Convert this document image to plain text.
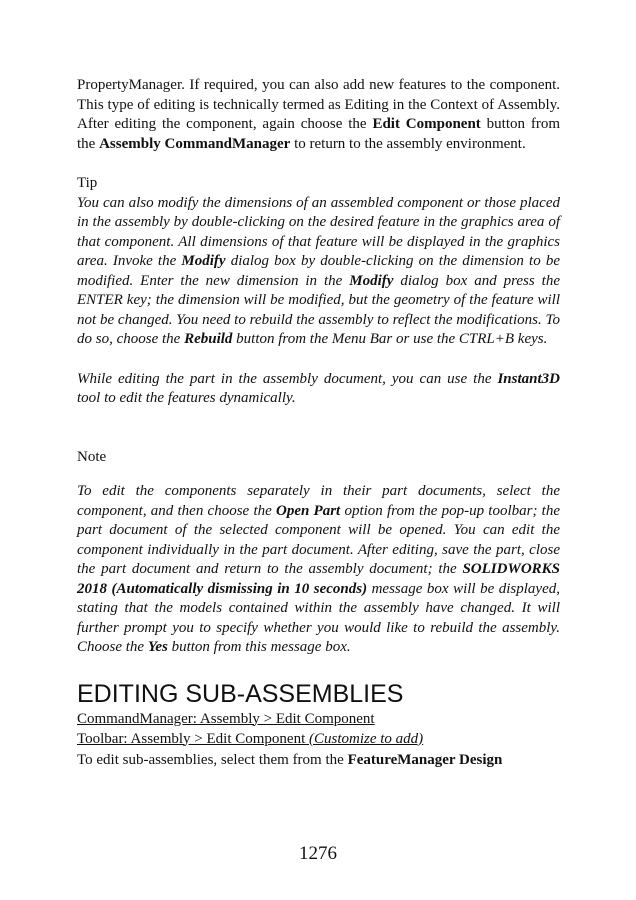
PropertyManager. If required, you can also add new features to the component. This type of editing is technically termed as Editing in the Context of Assembly. After editing the component, again choose the Edit Component button from the Assembly CommandManager to return to the assembly environment.

Tip

You can also modify the dimensions of an assembled component or those placed in the assembly by double-clicking on the desired feature in the graphics area of that component. All dimensions of that feature will be displayed in the graphics area. Invoke the Modify dialog box by double-clicking on the dimension to be modified. Enter the new dimension in the Modify dialog box and press the ENTER key; the dimension will be modified, but the geometry of the feature will not be changed. You need to rebuild the assembly to reflect the modifications. To do so, choose the Rebuild button from the Menu Bar or use the CTRL+B keys.

While editing the part in the assembly document, you can use the Instant3D tool to edit the features dynamically.

Note

To edit the components separately in their part documents, select the component, and then choose the Open Part option from the pop-up toolbar; the part document of the selected component will be opened. You can edit the component individually in the part document. After editing, save the part, close the part document and return to the assembly document; the SOLIDWORKS 2018 (Automatically dismissing in 10 seconds) message box will be displayed, stating that the models contained within the assembly have changed. It will further prompt you to specify whether you would like to rebuild the assembly. Choose the Yes button from this message box.

EDITING SUB-ASSEMBLIES

CommandManager: Assembly > Edit Component

Toolbar: Assembly > Edit Component (Customize to add)

To edit sub-assemblies, select them from the FeatureManager Design

1276
